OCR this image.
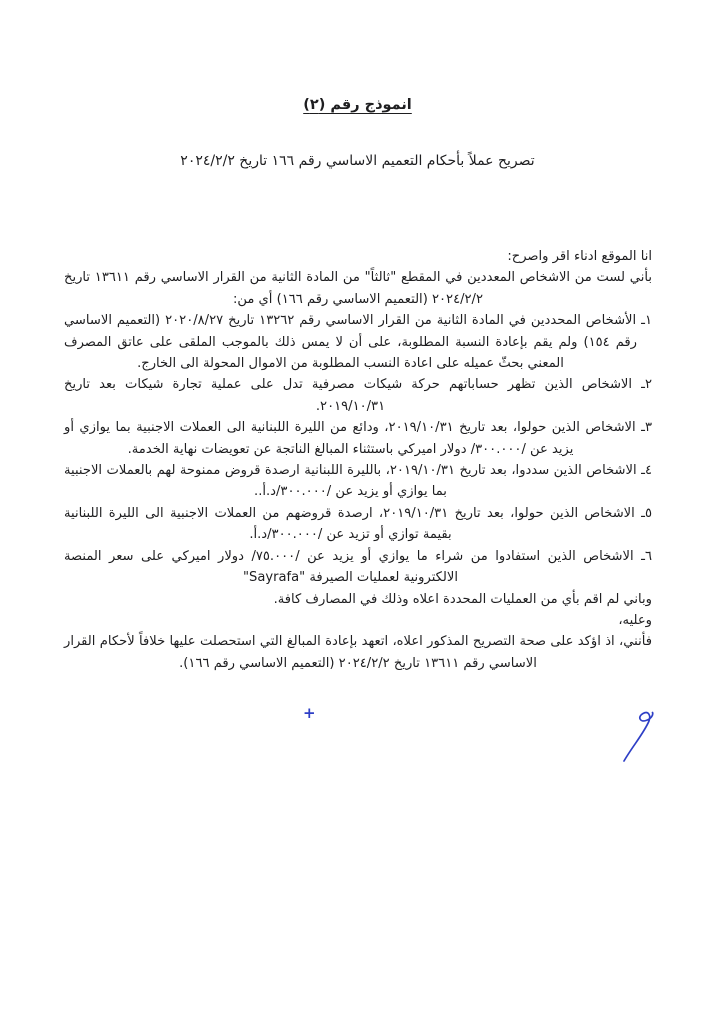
انموذج رقم (٢)
تصريح عملاً بأحكام التعميم الاساسي رقم ١٦٦ تاريخ ٢٠٢٤/٢/٢

انا الموقع ادناء اقر واصرح:

بأني لست من الاشخاص المعددين في المقطع "ثالثاً" من المادة الثانية من القرار الاساسي رقم ١٣٦١١ تاريخ ٢٠٢٤/٢/٢ (التعميم الاساسي رقم ١٦٦) أي من:

١ـ الأشخاص المحددين في المادة الثانية من القرار الاساسي رقم ١٣٢٦٢ تاريخ ٢٠٢٠/٨/٢٧ (التعميم الاساسي رقم ١٥٤) ولم يقم بإعادة النسبة المطلوبة، على أن لا يمس ذلك بالموجب الملقى على عاتق المصرف المعني بحثّ عميله على اعادة النسب المطلوبة من الاموال المحولة الى الخارج.

٢ـ الاشخاص الذين تظهر حساباتهم حركة شيكات مصرفية تدل على عملية تجارة شيكات بعد تاريخ ٢٠١٩/١٠/٣١.

٣ـ الاشخاص الذين حولوا، بعد تاريخ ٢٠١٩/١٠/٣١، ودائع من الليرة اللبنانية الى العملات الاجنبية بما يوازي أو يزيد عن /٣٠٠.٠٠٠/ دولار اميركي باستثناء المبالغ الناتجة عن تعويضات نهاية الخدمة.

٤ـ الاشخاص الذين سددوا، بعد تاريخ ٢٠١٩/١٠/٣١، بالليرة اللبنانية ارصدة قروض ممنوحة لهم بالعملات الاجنبية بما يوازي أو يزيد عن /٣٠٠.٠٠٠/د.أ..

٥ـ الاشخاص الذين حولوا، بعد تاريخ ٢٠١٩/١٠/٣١، ارصدة قروضهم من العملات الاجنبية الى الليرة اللبنانية بقيمة توازي أو تزيد عن /٣٠٠.٠٠٠/د.أ.

٦ـ الاشخاص الذين استفادوا من شراء ما يوازي أو يزيد عن /٧٥.٠٠٠/ دولار اميركي على سعر المنصة الالكترونية لعمليات الصيرفة "Sayrafa"

وباني لم اقم بأي من العمليات المحددة اعلاه وذلك في المصارف كافة.

وعليه،

فأنني، اذ اؤكد على صحة التصريح المذكور اعلاه، اتعهد بإعادة المبالغ التي استحصلت عليها خلافاً لأحكام القرار الاساسي رقم ١٣٦١١ تاريخ ٢٠٢٤/٢/٢ (التعميم الاساسي رقم ١٦٦).

+
